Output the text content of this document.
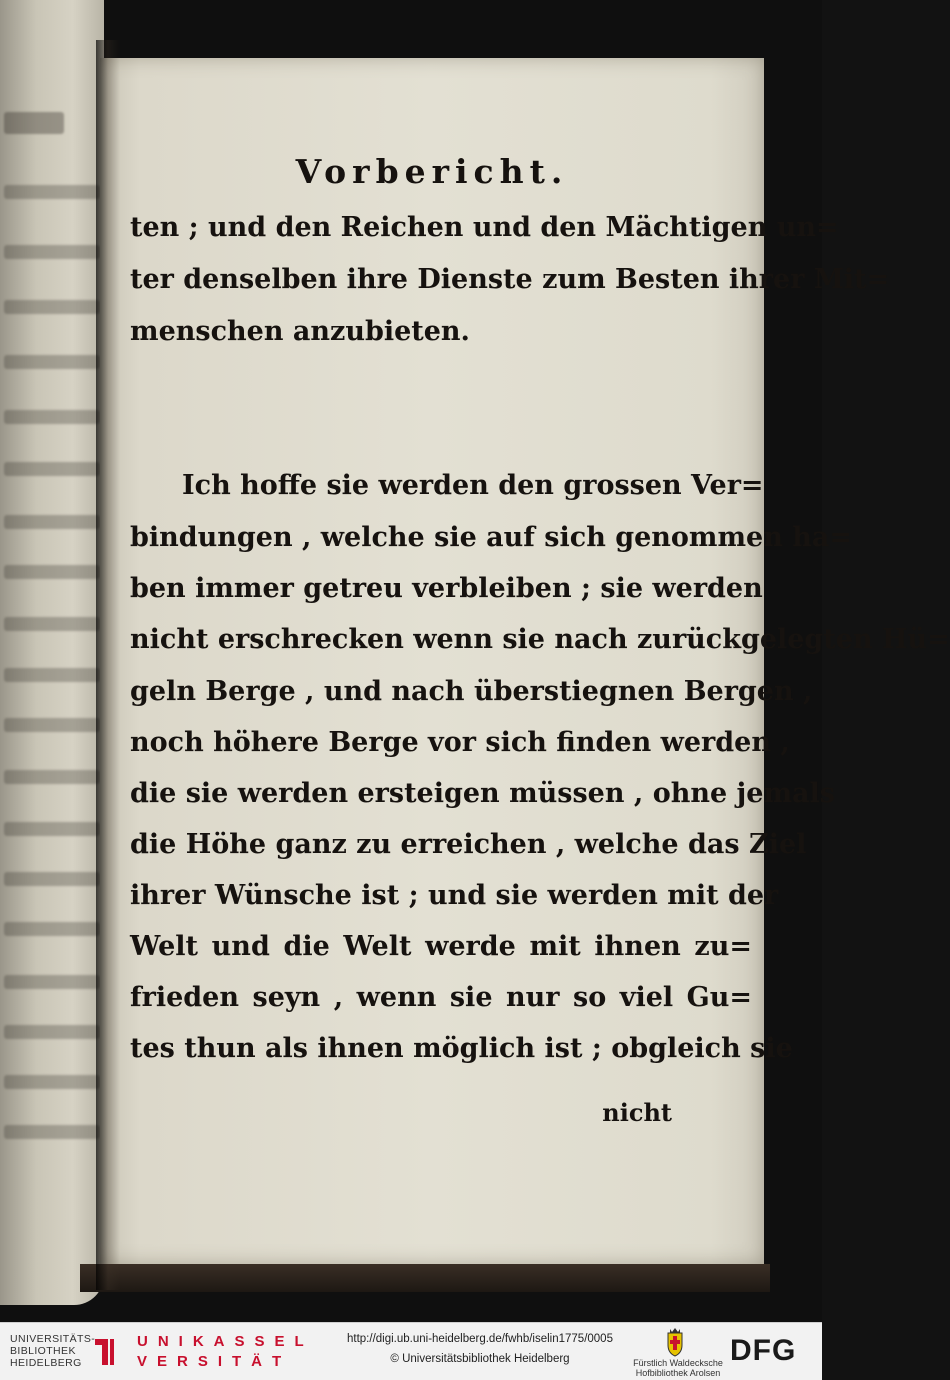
Vorbericht.
ten ; und den Reichen und den Mächtigen un=
ter denselben ihre Dienste zum Besten ihrer Mit=
menschen anzubieten.
Ich hoffe sie werden den grossen Ver=
bindungen , welche sie auf sich genommen ha=
ben immer getreu verbleiben ; sie werden
nicht erschrecken wenn sie nach zurückgelegten Hü=
geln Berge , und nach überstiegnen Bergen ,
noch höhere Berge vor sich finden werden ,
die sie werden ersteigen müssen , ohne jemals
die Höhe ganz zu erreichen , welche das Ziel
ihrer Wünsche ist ; und sie werden mit der
Welt und die Welt werde mit ihnen zu=
frieden seyn , wenn sie nur so viel Gu=
tes thun als ihnen möglich ist ; obgleich sie
nicht
UNIVERSITÄTS-
BIBLIOTHEK
HEIDELBERG
UNIKASSEL
VERSITÄT
http://digi.ub.uni-heidelberg.de/fwhb/iselin1775/0005
© Universitätsbibliothek Heidelberg	Fürstlich Waldecksche
Hofbibliothek Arolsen
DFG
